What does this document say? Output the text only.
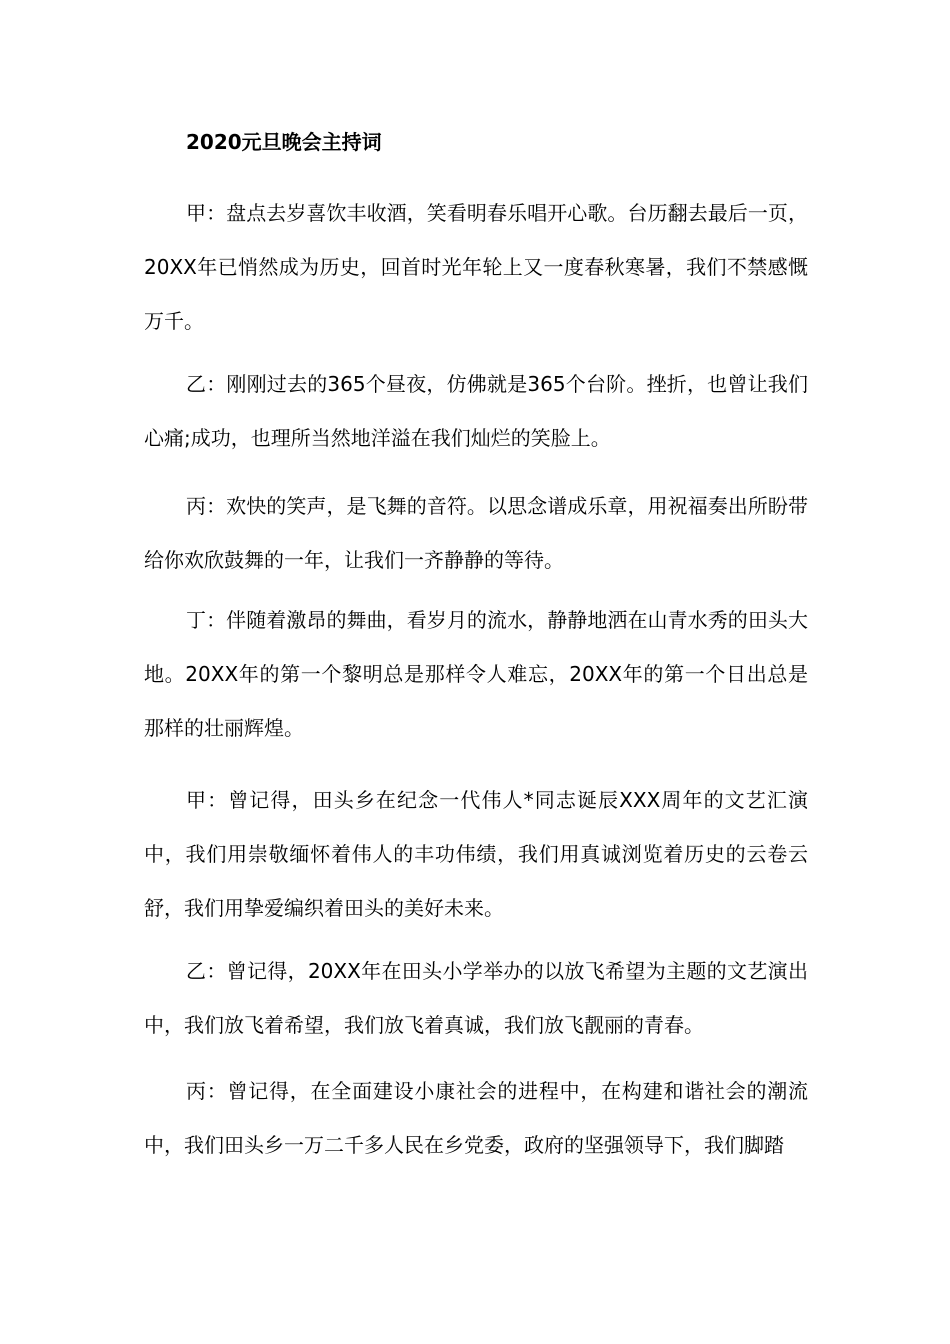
2020元旦晚会主持词

甲：盘点去岁喜饮丰收酒，笑看明春乐唱开心歌。台历翻去最后一页，20XX年已悄然成为历史，回首时光年轮上又一度春秋寒暑，我们不禁感慨万千。

乙：刚刚过去的365个昼夜，仿佛就是365个台阶。挫折，也曾让我们心痛;成功，也理所当然地洋溢在我们灿烂的笑脸上。

丙：欢快的笑声，是飞舞的音符。以思念谱成乐章，用祝福奏出所盼带给你欢欣鼓舞的一年，让我们一齐静静的等待。

丁：伴随着激昂的舞曲，看岁月的流水，静静地洒在山青水秀的田头大地。20XX年的第一个黎明总是那样令人难忘，20XX年的第一个日出总是那样的壮丽辉煌。

甲：曾记得，田头乡在纪念一代伟人*同志诞辰XXX周年的文艺汇演中，我们用崇敬缅怀着伟人的丰功伟绩，我们用真诚浏览着历史的云卷云舒，我们用挚爱编织着田头的美好未来。

乙：曾记得，20XX年在田头小学举办的以放飞希望为主题的文艺演出中，我们放飞着希望，我们放飞着真诚，我们放飞靓丽的青春。

丙：曾记得，在全面建设小康社会的进程中，在构建和谐社会的潮流中，我们田头乡一万二千多人民在乡党委，政府的坚强领导下，我们脚踏
